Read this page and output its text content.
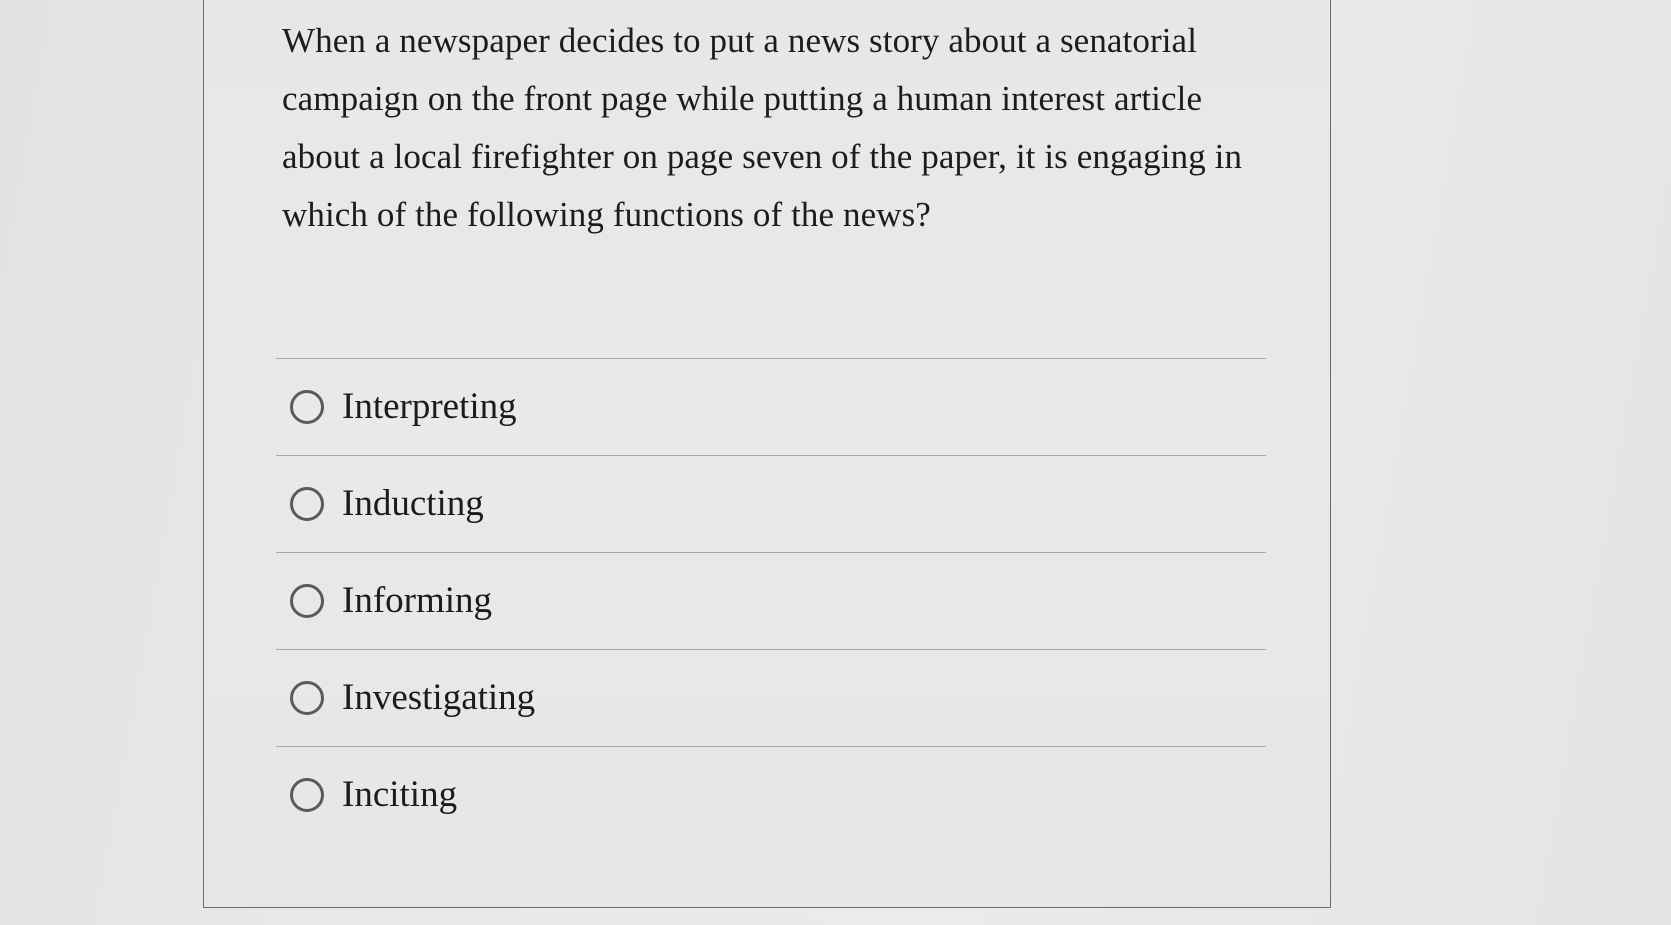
When a newspaper decides to put a news story about a senatorial campaign on the front page while putting a human interest article about a local firefighter on page seven of the paper, it is engaging in which of the following functions of the news?

Interpreting
Inducting
Informing
Investigating
Inciting
